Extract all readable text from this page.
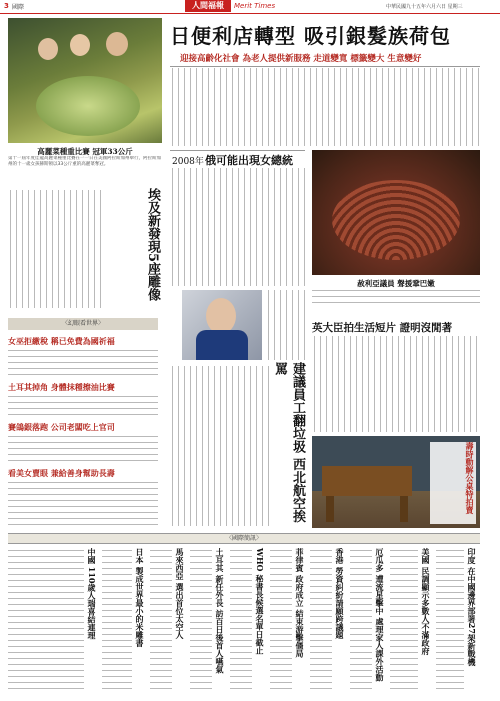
3 國際	人間福報	Merit Times	中華民國九十五年六月六日 星期三
高麗菜種重比賽 冠軍33公斤
第十一屆年度佳龍高麗菜種重比賽在一一日在美國阿拉斯加州舉行，阿拉斯加州的十一歲女孩赫斯頓以33公斤重的高麗菜奪冠。
日便利店轉型 吸引銀髮族荷包
迎接高齡化社會 為老人提供新服務 走道變寬 標籤變大 生意變好
埃及新發現5座雕像
2008年 俄可能出現女總統
赦利亞議員 聲援鞏巴嫩
英大臣拍生活短片 證明沒閒著
〈幻眼看世界〉
女巫拒繳稅 稱已免費為國祈福
土耳其掉角 身體抹種擦油比賽
賽鴿銀落跑 公司老闆吃上官司
看美女賣眼 兼給善身幫助長壽	建議員工翻垃圾 西北航空挨罵
壽時動解公桌特拍賣
〈國際簡訊〉
印度 在中國邊界部署27架新戰機
美國 民調顯示多數人不滿政府
厄瓜多 遭流星擊中 處理家人課外活動
香港 勞資糾紛請願跨議題
菲律賓 政府成立 結束游擊僵局
WHO 秘書長候選名單日截止
土耳其 新任外長 訪百日後首人嚥氣
馬來西亞 選出首位太空人
日本 製成世界最小的米雕書
中國 110歲人瑞喜結連理
